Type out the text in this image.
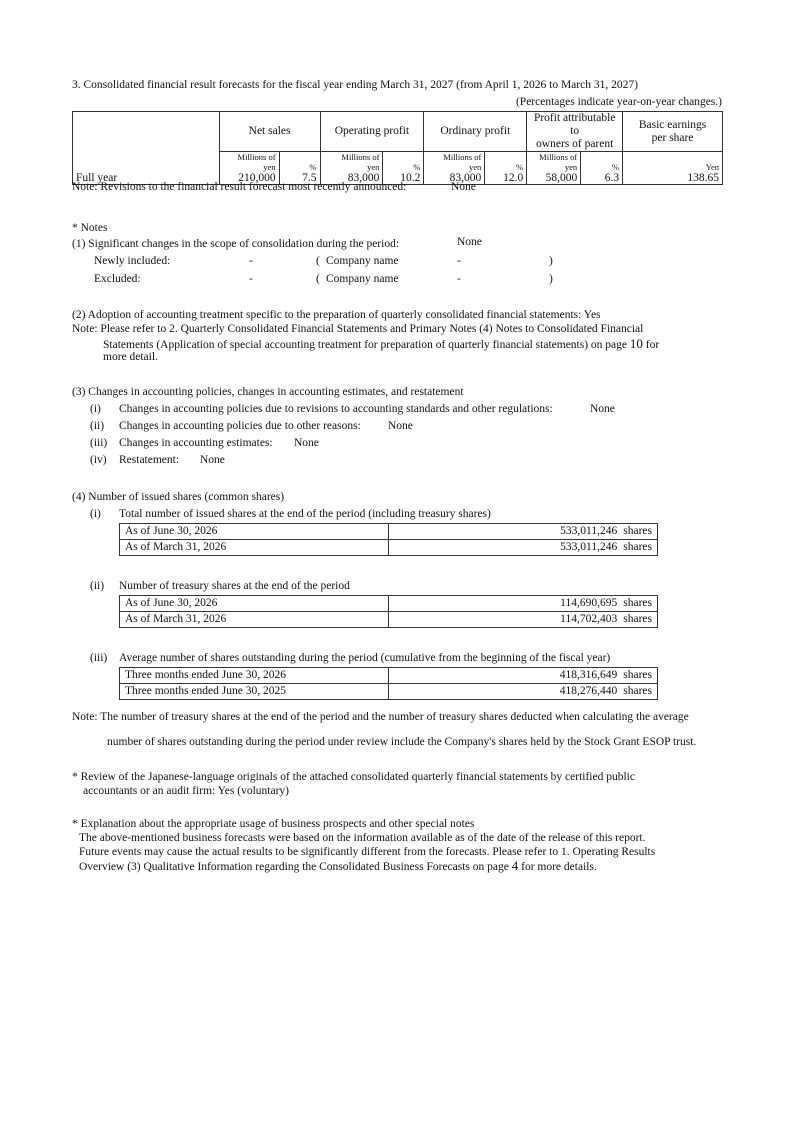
3. Consolidated financial result forecasts for the fiscal year ending March 31, 2027 (from April 1, 2026 to March 31, 2027)
(Percentages indicate year-on-year changes.)
	Net sales		Operating profit		Ordinary profit		Profit attributable to
owners of parent		Basic earnings
per share
	Millions of
yen	%	Millions of
yen	%	Millions of
yen	%	Millions of
yen	%	Yen
Full year	210,000	7.5	83,000	10.2	83,000	12.0	58,000	6.3	138.65
Note: Revisions to the financial result forecast most recently announced:	None
* Notes
(1) Significant changes in the scope of consolidation during the period:	None
Newly included:	-	( Company name	-	)
Excluded:	-	( Company name	-	)
(2) Adoption of accounting treatment specific to the preparation of quarterly consolidated financial statements: Yes
Note: Please refer to 2. Quarterly Consolidated Financial Statements and Primary Notes (4) Notes to Consolidated Financial
Statements (Application of special accounting treatment for preparation of quarterly financial statements) on page 10 for
more detail.
(3) Changes in accounting policies, changes in accounting estimates, and restatement
(i) Changes in accounting policies due to revisions to accounting standards and other regulations:	None
(ii) Changes in accounting policies due to other reasons: None
(iii) Changes in accounting estimates: None
(iv) Restatement: None
(4) Number of issued shares (common shares)
(i) Total number of issued shares at the end of the period (including treasury shares)
As of June 30, 2026	533,011,246 shares
As of March 31, 2026	533,011,246 shares
(ii) Number of treasury shares at the end of the period
As of June 30, 2026	114,690,695 shares
As of March 31, 2026	114,702,403 shares
(iii) Average number of shares outstanding during the period (cumulative from the beginning of the fiscal year)
Three months ended June 30, 2026	418,316,649 shares
Three months ended June 30, 2025	418,276,440 shares
Note: The number of treasury shares at the end of the period and the number of treasury shares deducted when calculating the average
number of shares outstanding during the period under review include the Company's shares held by the Stock Grant ESOP trust.
* Review of the Japanese-language originals of the attached consolidated quarterly financial statements by certified public
accountants or an audit firm: Yes (voluntary)
* Explanation about the appropriate usage of business prospects and other special notes
The above-mentioned business forecasts were based on the information available as of the date of the release of this report.
Future events may cause the actual results to be significantly different from the forecasts. Please refer to 1. Operating Results
Overview (3) Qualitative Information regarding the Consolidated Business Forecasts on page 4 for more details.
